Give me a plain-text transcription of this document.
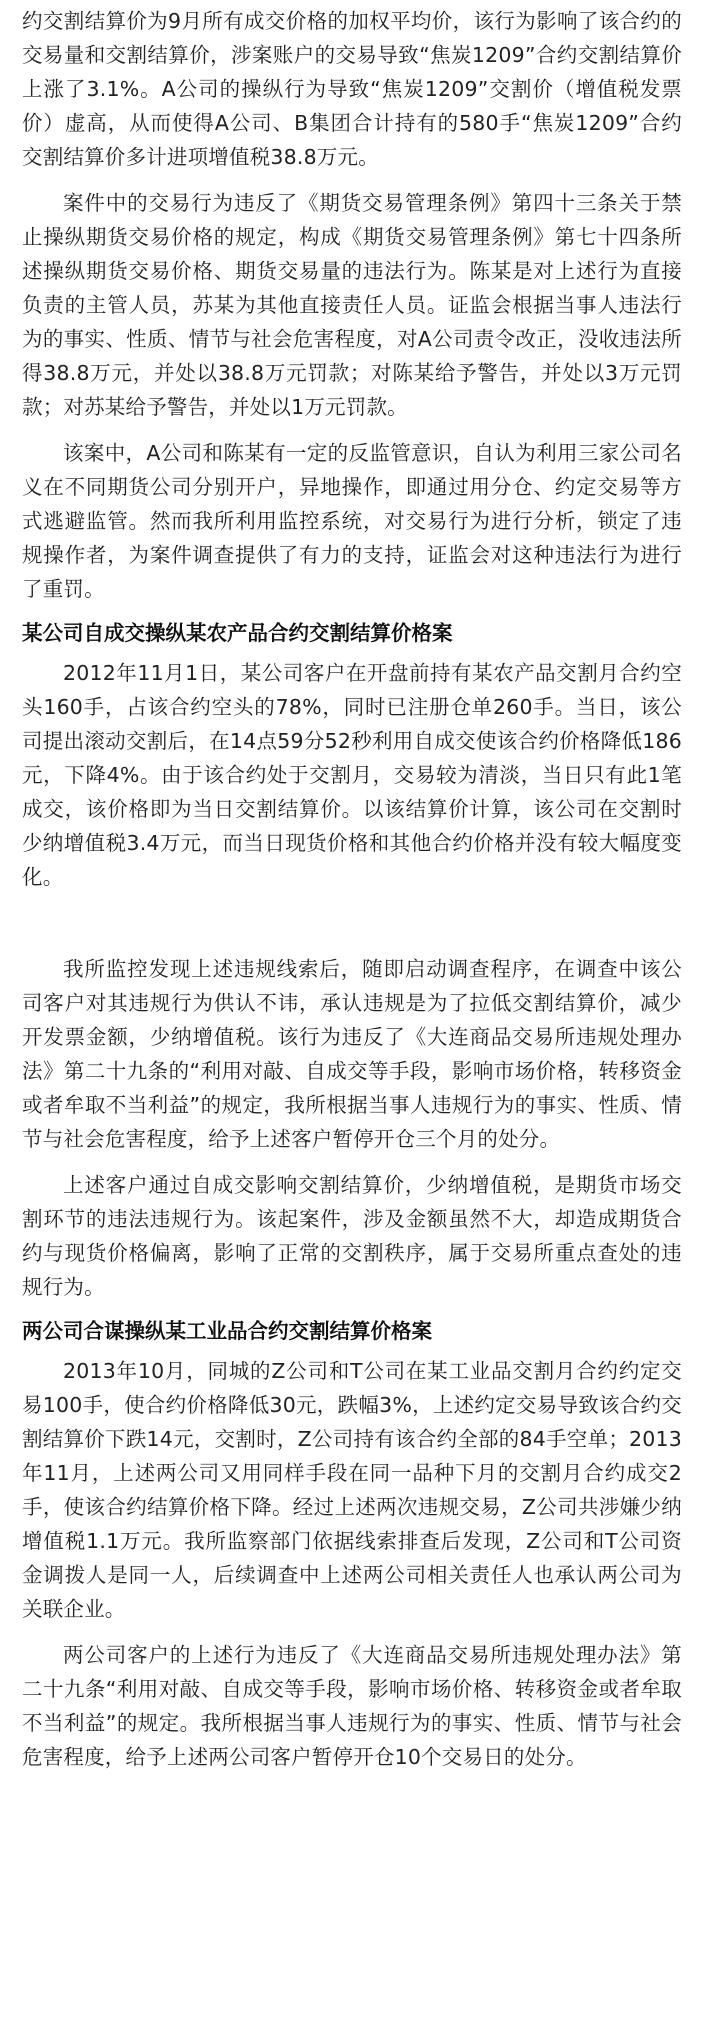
约交割结算价为9月所有成交价格的加权平均价，该行为影响了该合约的交易量和交割结算价，涉案账户的交易导致“焦炭1209”合约交割结算价上涨了3.1%。A公司的操纵行为导致“焦炭1209”交割价（增值税发票价）虚高，从而使得A公司、B集团合计持有的580手“焦炭1209”合约交割结算价多计进项增值税38.8万元。

案件中的交易行为违反了《期货交易管理条例》第四十三条关于禁止操纵期货交易价格的规定，构成《期货交易管理条例》第七十四条所述操纵期货交易价格、期货交易量的违法行为。陈某是对上述行为直接负责的主管人员，苏某为其他直接责任人员。证监会根据当事人违法行为的事实、性质、情节与社会危害程度，对A公司责令改正，没收违法所得38.8万元，并处以38.8万元罚款；对陈某给予警告，并处以3万元罚款；对苏某给予警告，并处以1万元罚款。

该案中，A公司和陈某有一定的反监管意识，自认为利用三家公司名义在不同期货公司分别开户，异地操作，即通过用分仓、约定交易等方式逃避监管。然而我所利用监控系统，对交易行为进行分析，锁定了违规操作者，为案件调查提供了有力的支持，证监会对这种违法行为进行了重罚。

某公司自成交操纵某农产品合约交割结算价格案

2012年11月1日，某公司客户在开盘前持有某农产品交割月合约空头160手，占该合约空头的78%，同时已注册仓单260手。当日，该公司提出滚动交割后，在14点59分52秒利用自成交使该合约价格降低186元，下降4%。由于该合约处于交割月，交易较为清淡，当日只有此1笔成交，该价格即为当日交割结算价。以该结算价计算，该公司在交割时少纳增值税3.4万元，而当日现货价格和其他合约价格并没有较大幅度变化。

我所监控发现上述违规线索后，随即启动调查程序，在调查中该公司客户对其违规行为供认不讳，承认违规是为了拉低交割结算价，减少开发票金额，少纳增值税。该行为违反了《大连商品交易所违规处理办法》第二十九条的“利用对敲、自成交等手段，影响市场价格，转移资金或者牟取不当利益”的规定，我所根据当事人违规行为的事实、性质、情节与社会危害程度，给予上述客户暂停开仓三个月的处分。

上述客户通过自成交影响交割结算价，少纳增值税，是期货市场交割环节的违法违规行为。该起案件，涉及金额虽然不大，却造成期货合约与现货价格偏离，影响了正常的交割秩序，属于交易所重点查处的违规行为。

两公司合谋操纵某工业品合约交割结算价格案

2013年10月，同城的Z公司和T公司在某工业品交割月合约约定交易100手，使合约价格降低30元，跌幅3%，上述约定交易导致该合约交割结算价下跌14元，交割时，Z公司持有该合约全部的84手空单；2013年11月，上述两公司又用同样手段在同一品种下月的交割月合约成交2手，使该合约结算价格下降。经过上述两次违规交易，Z公司共涉嫌少纳增值税1.1万元。我所监察部门依据线索排查后发现，Z公司和T公司资金调拨人是同一人，后续调查中上述两公司相关责任人也承认两公司为关联企业。

两公司客户的上述行为违反了《大连商品交易所违规处理办法》第二十九条“利用对敲、自成交等手段，影响市场价格、转移资金或者牟取不当利益”的规定。我所根据当事人违规行为的事实、性质、情节与社会危害程度，给予上述两公司客户暂停开仓10个交易日的处分。
